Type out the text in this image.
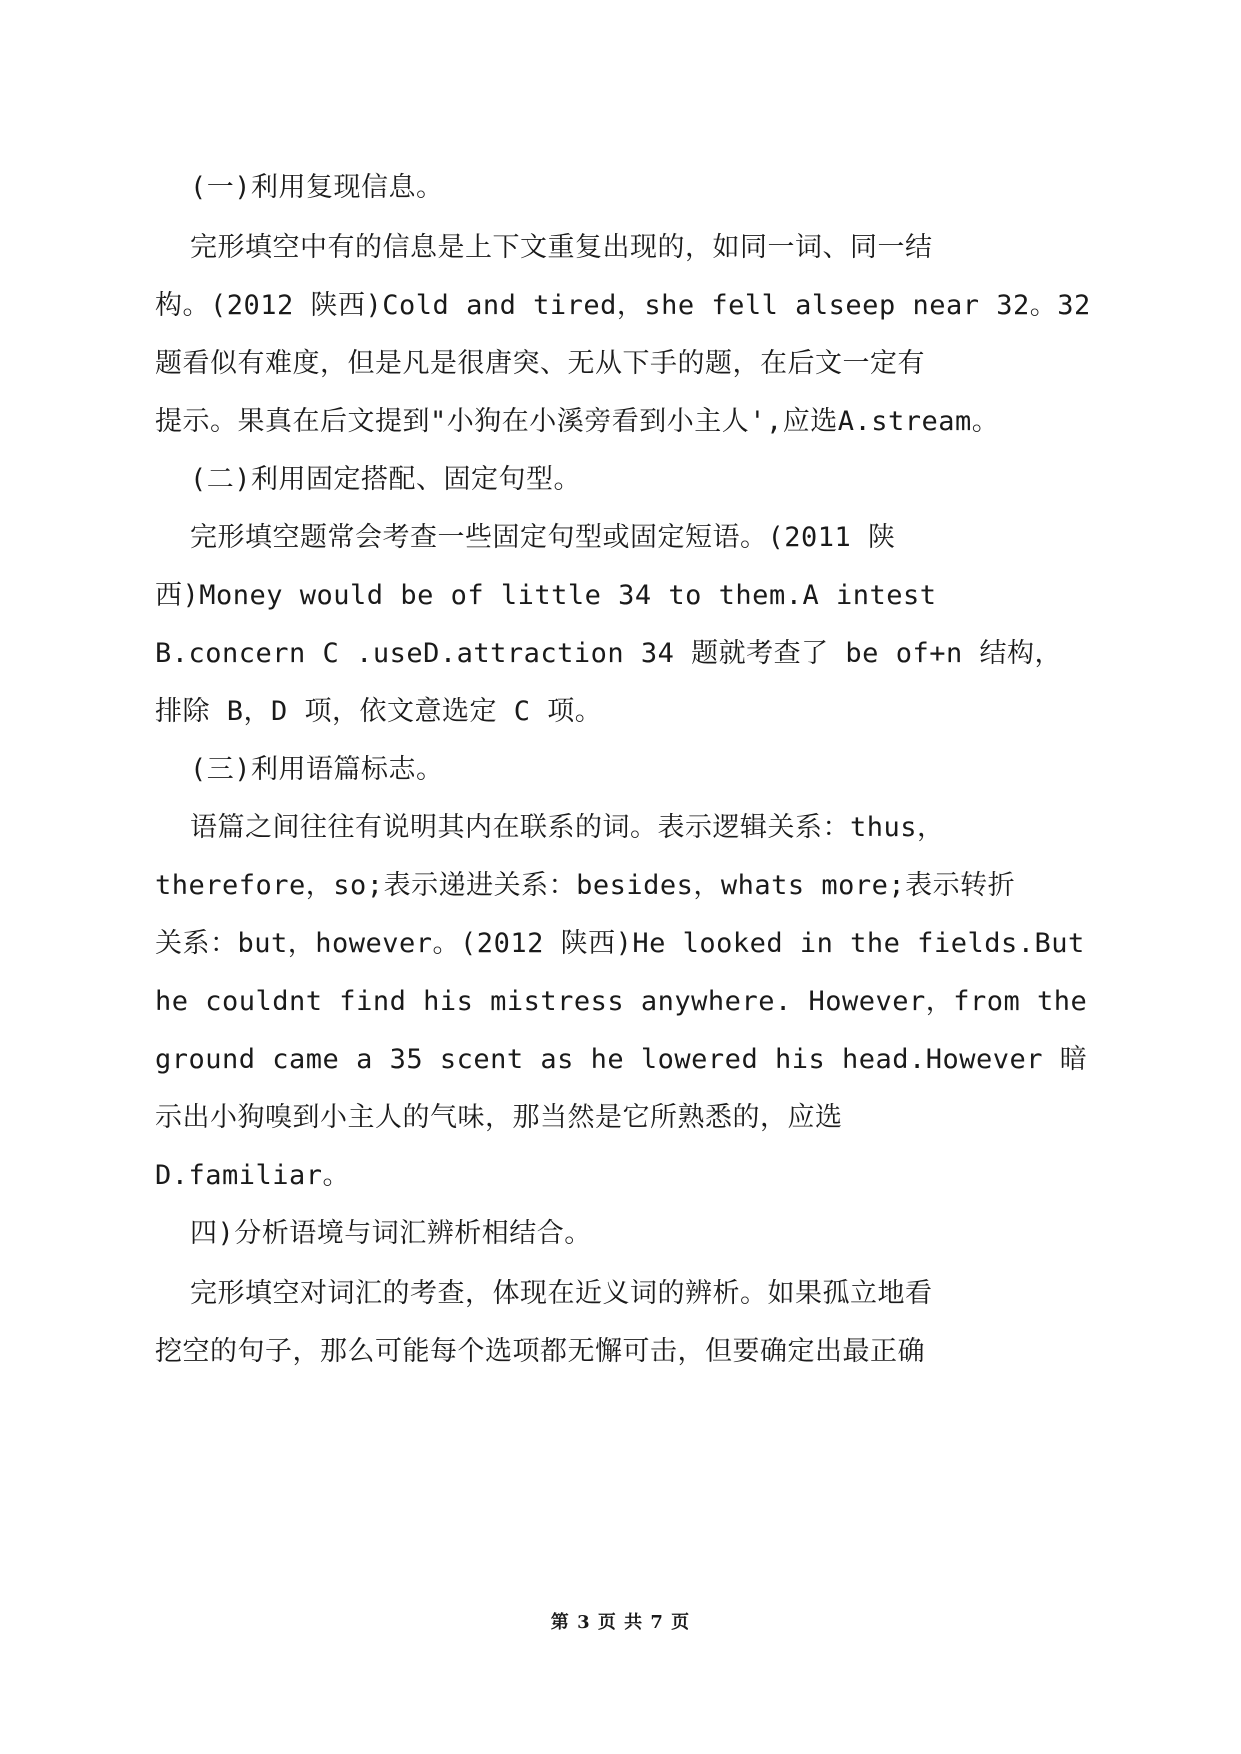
(一)利用复现信息。
完形填空中有的信息是上下文重复出现的，如同一词、同一结
构。(2012 陕西)Cold and tired，she fell alseep near 32。32
题看似有难度，但是凡是很唐突、无从下手的题，在后文一定有
提示。果真在后文提到"小狗在小溪旁看到小主人',应选A.stream。
(二)利用固定搭配、固定句型。
完形填空题常会考查一些固定句型或固定短语。(2011 陕
西)Money would be of little 34 to them.A intest
B.concern C .useD.attraction 34 题就考查了 be of+n 结构，
排除 B，D 项，依文意选定 C 项。
(三)利用语篇标志。
语篇之间往往有说明其内在联系的词。表示逻辑关系：thus，
therefore，so;表示递进关系：besides，whats more;表示转折
关系：but，however。(2012 陕西)He looked in the fields.But
he couldnt find his mistress anywhere. However，from the
ground came a 35 scent as he lowered his head.However 暗
示出小狗嗅到小主人的气味，那当然是它所熟悉的，应选
D.familiar。
四)分析语境与词汇辨析相结合。
完形填空对词汇的考查，体现在近义词的辨析。如果孤立地看
挖空的句子，那么可能每个选项都无懈可击，但要确定出最正确
第 3 页 共 7 页
